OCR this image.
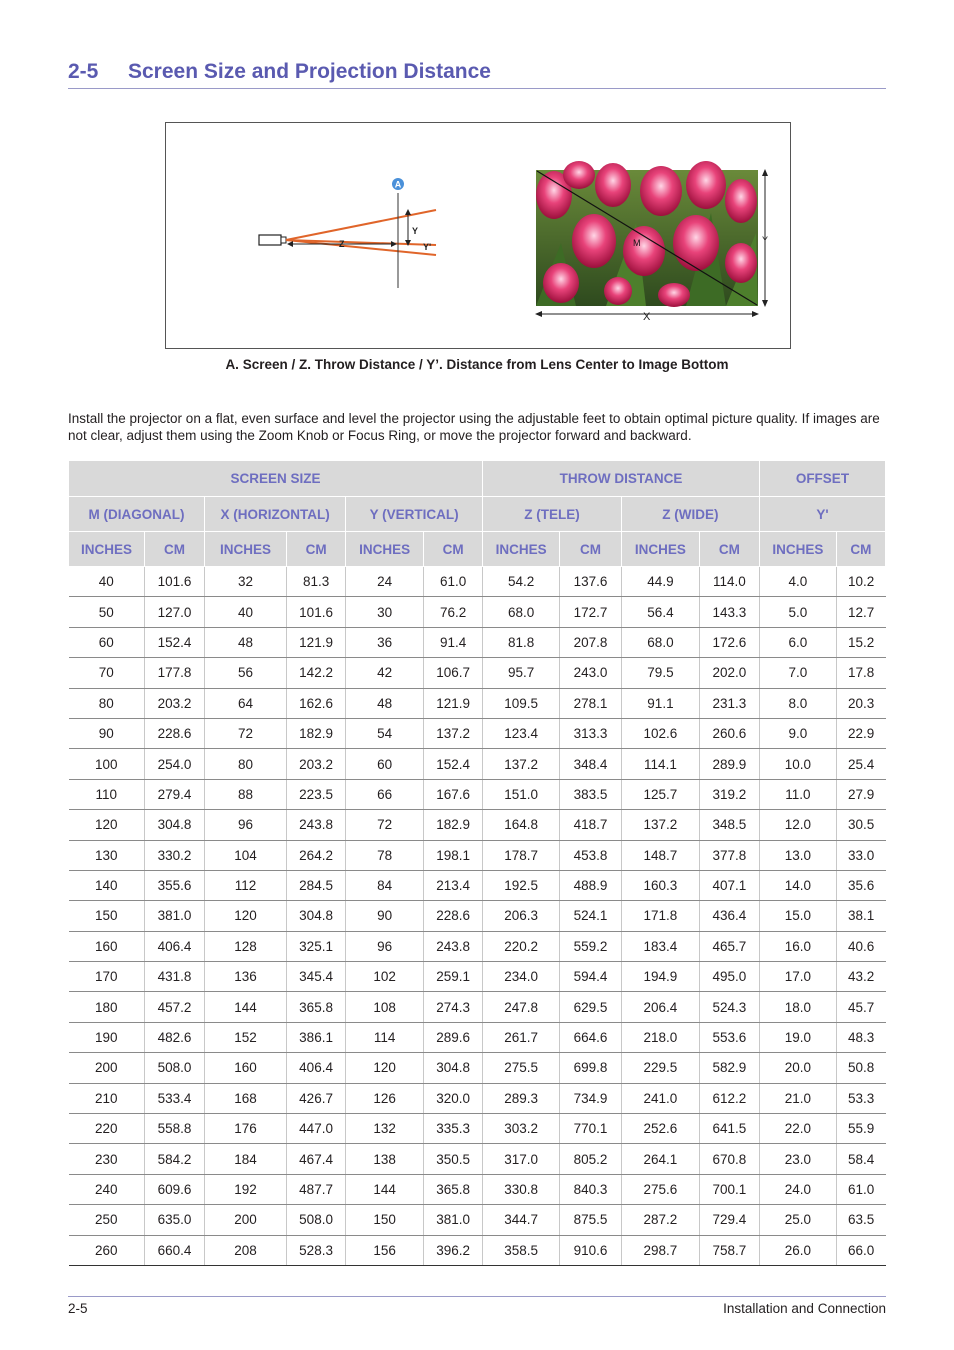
2-5 Screen Size and Projection Distance
Y
Y'
Z
A
M	Y
X
A. Screen / Z. Throw Distance / Y’. Distance from Lens Center to Image Bottom
Install the projector on a flat, even surface and level the projector using the adjustable feet to obtain optimal picture quality. If images are not clear, adjust them using the Zoom Knob or Focus Ring, or move the projector forward and backward.
SCREEN SIZE						THROW DISTANCE				OFFSET	
M (DIAGONAL)		X (HORIZONTAL)		Y (VERTICAL)		Z (TELE)		Z (WIDE)		Y'	
INCHES	CM	INCHES	CM	INCHES	CM	INCHES	CM	INCHES	CM	INCHES	CM
40	101.6	32	81.3	24	61.0	54.2	137.6	44.9	114.0	4.0	10.2
50	127.0	40	101.6	30	76.2	68.0	172.7	56.4	143.3	5.0	12.7
60	152.4	48	121.9	36	91.4	81.8	207.8	68.0	172.6	6.0	15.2
70	177.8	56	142.2	42	106.7	95.7	243.0	79.5	202.0	7.0	17.8
80	203.2	64	162.6	48	121.9	109.5	278.1	91.1	231.3	8.0	20.3
90	228.6	72	182.9	54	137.2	123.4	313.3	102.6	260.6	9.0	22.9
100	254.0	80	203.2	60	152.4	137.2	348.4	114.1	289.9	10.0	25.4
110	279.4	88	223.5	66	167.6	151.0	383.5	125.7	319.2	11.0	27.9
120	304.8	96	243.8	72	182.9	164.8	418.7	137.2	348.5	12.0	30.5
130	330.2	104	264.2	78	198.1	178.7	453.8	148.7	377.8	13.0	33.0
140	355.6	112	284.5	84	213.4	192.5	488.9	160.3	407.1	14.0	35.6
150	381.0	120	304.8	90	228.6	206.3	524.1	171.8	436.4	15.0	38.1
160	406.4	128	325.1	96	243.8	220.2	559.2	183.4	465.7	16.0	40.6
170	431.8	136	345.4	102	259.1	234.0	594.4	194.9	495.0	17.0	43.2
180	457.2	144	365.8	108	274.3	247.8	629.5	206.4	524.3	18.0	45.7
190	482.6	152	386.1	114	289.6	261.7	664.6	218.0	553.6	19.0	48.3
200	508.0	160	406.4	120	304.8	275.5	699.8	229.5	582.9	20.0	50.8
210	533.4	168	426.7	126	320.0	289.3	734.9	241.0	612.2	21.0	53.3
220	558.8	176	447.0	132	335.3	303.2	770.1	252.6	641.5	22.0	55.9
230	584.2	184	467.4	138	350.5	317.0	805.2	264.1	670.8	23.0	58.4
240	609.6	192	487.7	144	365.8	330.8	840.3	275.6	700.1	24.0	61.0
250	635.0	200	508.0	150	381.0	344.7	875.5	287.2	729.4	25.0	63.5
260	660.4	208	528.3	156	396.2	358.5	910.6	298.7	758.7	26.0	66.0
2-5	Installation and Connection
